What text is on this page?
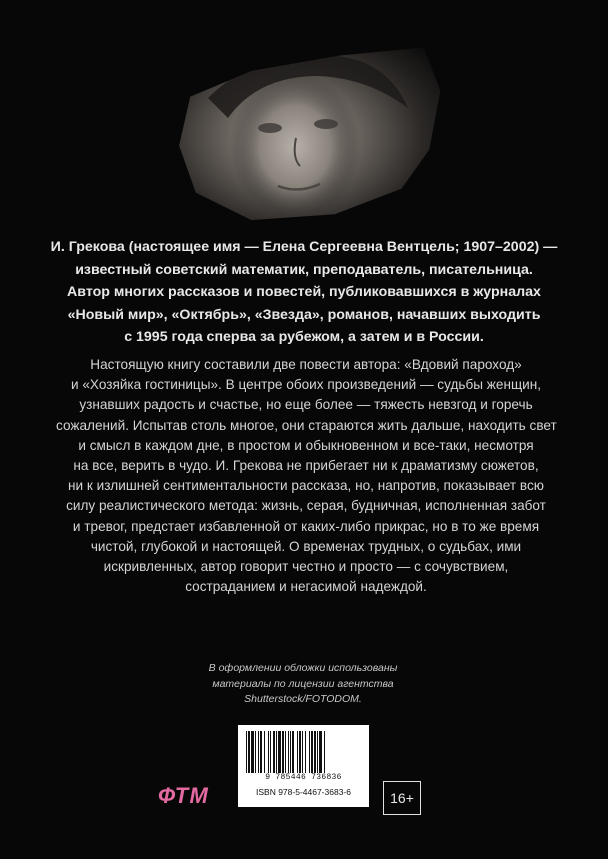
И. Грекова (настоящее имя — Елена Сергеевна Вентцель; 1907–2002) —

известный советский математик, преподаватель, писательница.

Автор многих рассказов и повестей, публиковавшихся в журналах

«Новый мир», «Октябрь», «Звезда», романов, начавших выходить

с 1995 года сперва за рубежом, а затем и в России.

Настоящую книгу составили две повести автора: «Вдовий пароход»

и «Хозяйка гостиницы». В центре обоих произведений — судьбы женщин,

узнавших радость и счастье, но еще более — тяжесть невзгод и горечь

сожалений. Испытав столь многое, они стараются жить дальше, находить свет

и смысл в каждом дне, в простом и обыкновенном и все-таки, несмотря

на все, верить в чудо. И. Грекова не прибегает ни к драматизму сюжетов,

ни к излишней сентиментальности рассказа, но, напротив, показывает всю

силу реалистического метода: жизнь, серая, будничная, исполненная забот

и тревог, предстает избавленной от каких-либо прикрас, но в то же время

чистой, глубокой и настоящей. О временах трудных, о судьбах, ими

искривленных, автор говорит честно и просто — с сочувствием,

состраданием и негасимой надеждой.

В оформлении обложки использованы

материалы по лицензии агентства

Shutterstock/FOTODOM.

ФТМ
9 785446 736836
ISBN 978-5-4467-3683-6	16+
